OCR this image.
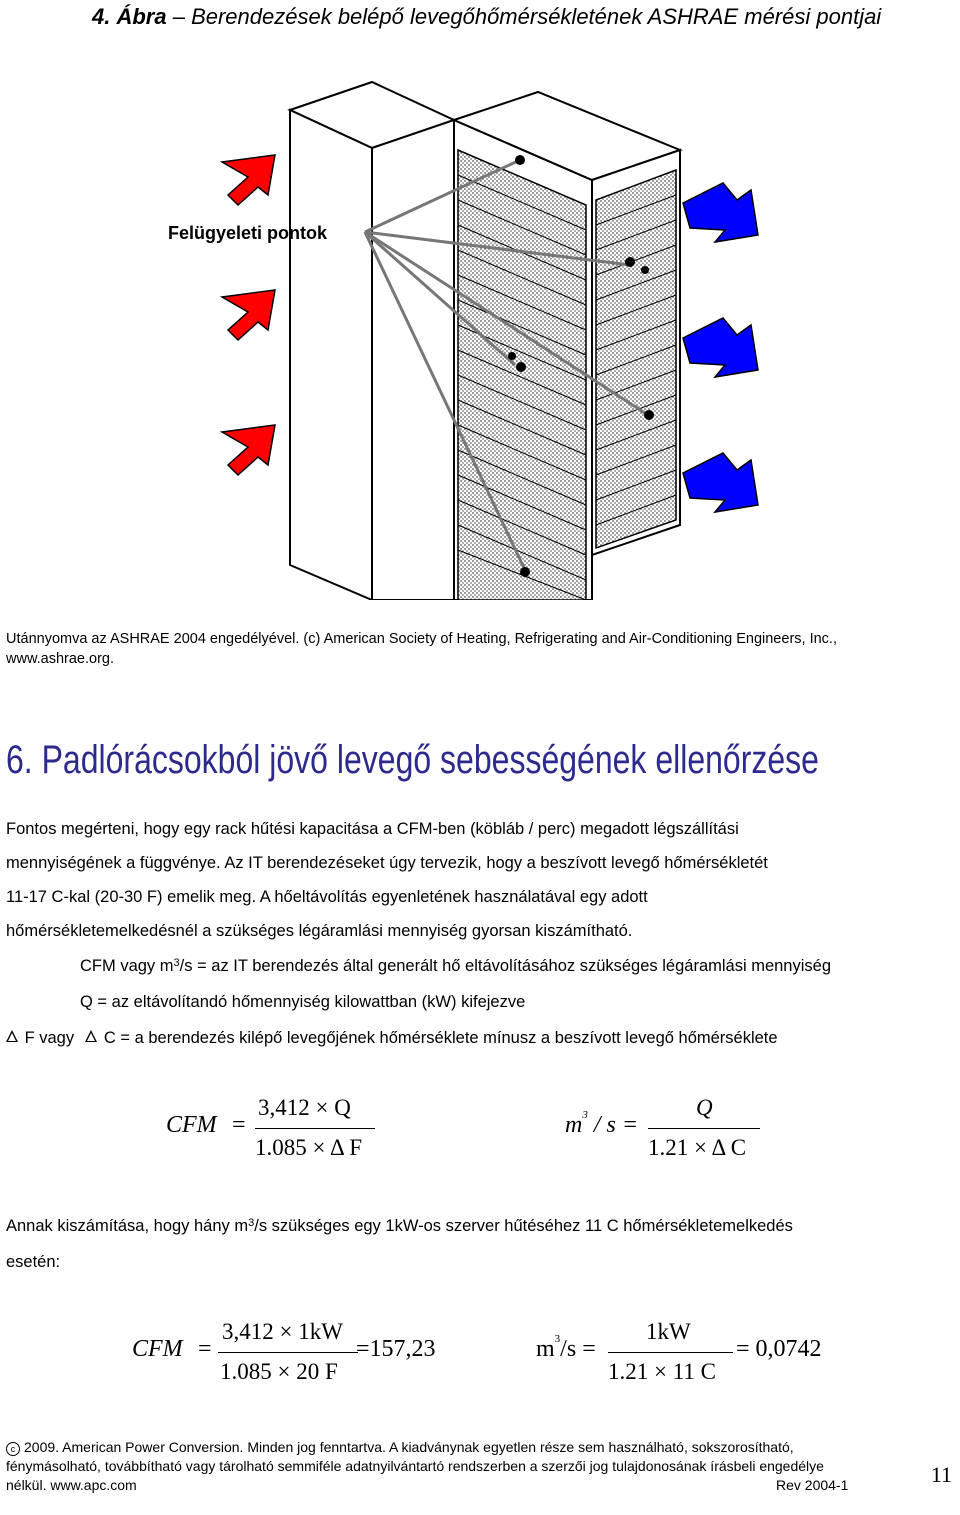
4. Ábra – Berendezések belépő levegőhőmérsékletének ASHRAE mérési pontjai
Felügyeleti pontok
Utánnyomva az ASHRAE 2004 engedélyével. (c) American Society of Heating, Refrigerating and Air-Conditioning Engineers, Inc.,
www.ashrae.org.
6. Padlórácsokból jövő levegő sebességének ellenőrzése
Fontos megérteni, hogy egy rack hűtési kapacitása a CFM-ben (köbláb / perc) megadott légszállítási
mennyiségének a függvénye. Az IT berendezéseket úgy tervezik, hogy a beszívott levegő hőmérsékletét
11-17 C-kal (20-30 F) emelik meg. A hőeltávolítás egyenletének használatával egy adott
hőmérsékletemelkedésnél a szükséges légáramlási mennyiség gyorsan kiszámítható.
CFM vagy $m^3/s$ = az IT berendezés által generált hő eltávolításához szükséges légáramlási mennyiség
Q = az eltávolítandó hőmennyiség kilowattban (kW) kifejezve
F vagy C = a berendezés kilépő levegőjének hőmérséklete mínusz a beszívott levegő hőmérséklete
CFM =
3,412 × Q
1.085 × Δ F
$m^3$ / s =
Q
1.21 × Δ C
Annak kiszámítása, hogy hány $m^3/s$ szükséges egy 1kW-os szerver hűtéséhez 11 C hőmérsékletemelkedés
esetén:
CFM =
3,412 × 1kW
1.085 × 20 F
=157,23	$m^3/s$ =
1kW
1.21 × 11 C
= 0,0742
c 2009. American Power Conversion. Minden jog fenntartva. A kiadványnak egyetlen része sem használható, sokszorosítható,
fénymásolható, továbbítható vagy tárolható semmiféle adatnyilvántartó rendszerben a szerzői jog tulajdonosának írásbeli engedélye
nélkül. www.apc.com	Rev 2004-1	11
